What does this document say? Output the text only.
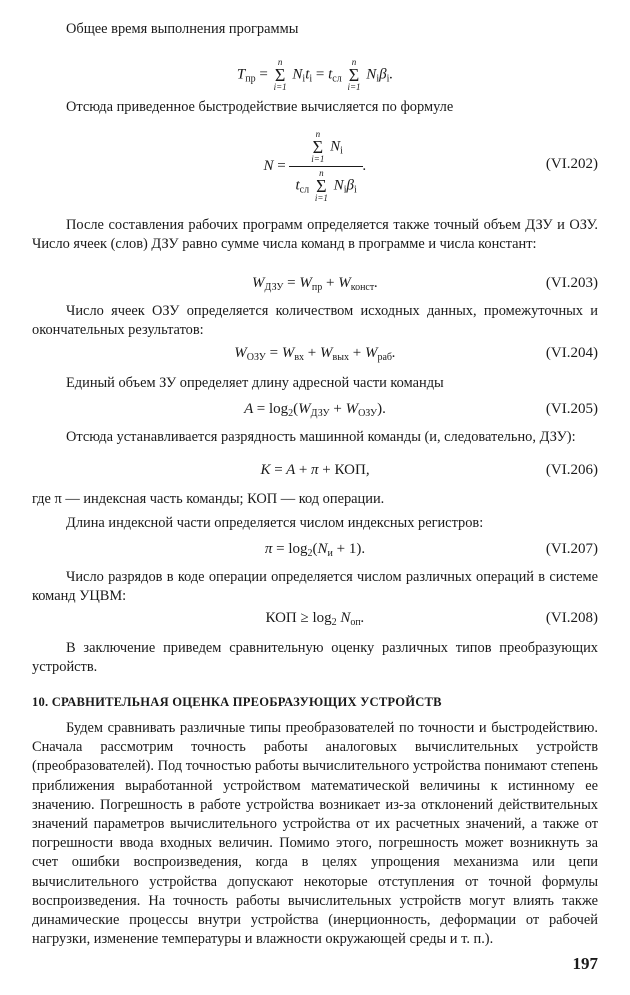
Общее время выполнения программы
$T_{пр}$ =
n
Σ
i=1
$N_it_i = t_{сл}$
n
Σ
i=1
$N_i\beta_i$.
Отсюда приведенное быстродействие вычисляется по формуле
N = n
Σ
i=1
$N_i$
$t_{сл}$
n
Σ
i=1
$N_i\beta_i$ .	(VI.202)
После составления рабочих программ определяется также точный объем ДЗУ и ОЗУ. Число ячеек (слов) ДЗУ равно сумме числа команд в программе и числа констант:
$W_{ДЗУ} = W_{пр} + W_{конст}$.	(VI.203)
Число ячеек ОЗУ определяется количеством исходных данных, промежуточных и окончательных результатов:
$W_{ОЗУ} = W_{вх} + W_{вых} + W_{раб}$.	(VI.204)
Единый объем ЗУ определяет длину адресной части команды
$A = \log_2(W_{ДЗУ} + W_{ОЗУ})$.	(VI.205)
Отсюда устанавливается разрядность машинной команды (и, следовательно, ДЗУ):
K = A + π + КОП,	(VI.206)
где π — индексная часть команды; КОП — код операции.
Длина индексной части определяется числом индексных регистров:
$\pi = \log_2(N_и + 1)$.	(VI.207)
Число разрядов в коде операции определяется числом различных операций в системе команд УЦВМ:
КОП ≥ $\log_2 N_{оп}$.	(VI.208)
В заключение приведем сравнительную оценку различных типов преобразующих устройств.
10. СРАВНИТЕЛЬНАЯ ОЦЕНКА ПРЕОБРАЗУЮЩИХ УСТРОЙСТВ
Будем сравнивать различные типы преобразователей по точности и быстродействию. Сначала рассмотрим точность работы аналоговых вычислительных устройств (преобразователей). Под точностью работы вычислительного устройства понимают степень приближения выработанной устройством математической величины к истинному ее значению. Погрешность в работе устройства возникает из-за отклонений действительных значений параметров вычислительного устройства от их расчетных значений, а также от погрешности ввода входных величин. Помимо этого, погрешность может возникнуть за счет ошибки воспроизведения, когда в целях упрощения механизма или цепи вычислительного устройства допускают некоторые отступления от точной формулы воспроизведения. На точность работы вычислительных устройств могут влиять также динамические процессы внутри устройства (инерционность, деформации от рабочей нагрузки, изменение температуры и влажности окружающей среды и т. п.).
197
